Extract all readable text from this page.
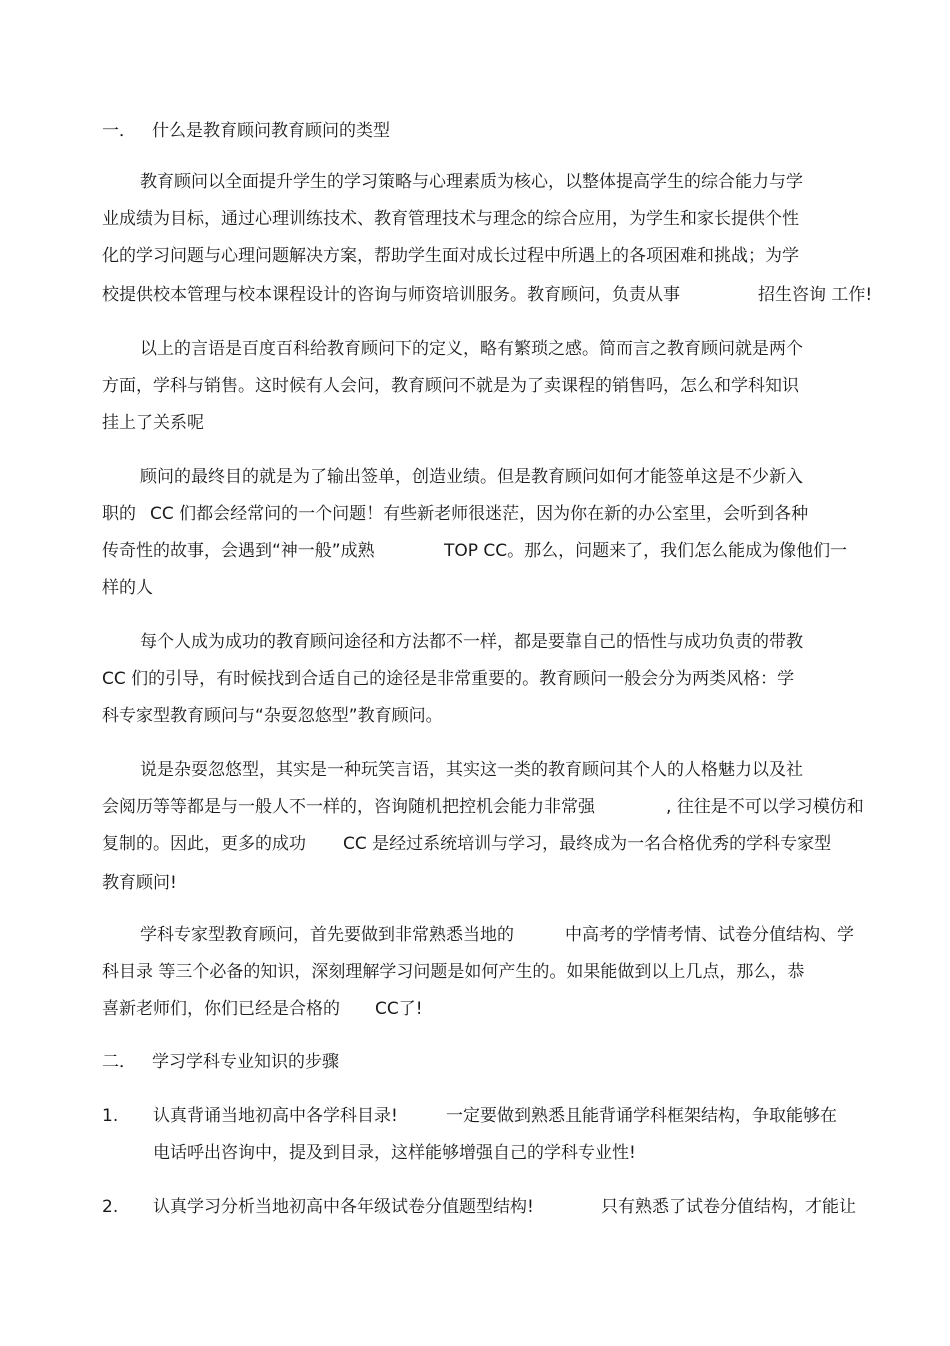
一． 什么是教育顾问教育顾问的类型
教育顾问以全面提升学生的学习策略与心理素质为核心，以整体提高学生的综合能力与学
业成绩为目标，通过心理训练技术、教育管理技术与理念的综合应用，为学生和家长提供个性
化的学习问题与心理问题解决方案，帮助学生面对成长过程中所遇上的各项困难和挑战；为学
校提供校本管理与校本课程设计的咨询与师资培训服务。教育顾问，负责从事	招生咨询 工作!
以上的言语是百度百科给教育顾问下的定义，略有繁琐之感。简而言之教育顾问就是两个
方面，学科与销售。这时候有人会问，教育顾问不就是为了卖课程的销售吗，怎么和学科知识
挂上了关系呢
顾问的最终目的就是为了输出签单，创造业绩。但是教育顾问如何才能签单这是不少新入
职的 CC 们都会经常问的一个问题！有些新老师很迷茫，因为你在新的办公室里，会听到各种
传奇性的故事，会遇到“神一般”成熟	TOP CC。那么，问题来了，我们怎么能成为像他们一
样的人
每个人成为成功的教育顾问途径和方法都不一样，都是要靠自己的悟性与成功负责的带教
CC 们的引导，有时候找到合适自己的途径是非常重要的。教育顾问一般会分为两类风格：学
科专家型教育顾问与“杂耍忽悠型”教育顾问。
说是杂耍忽悠型，其实是一种玩笑言语，其实这一类的教育顾问其个人的人格魅力以及社
会阅历等等都是与一般人不一样的，咨询随机把控机会能力非常强	, 往往是不可以学习模仿和
复制的。因此，更多的成功 CC 是经过系统培训与学习，最终成为一名合格优秀的学科专家型
教育顾问!
学科专家型教育顾问，首先要做到非常熟悉当地的	中高考的学情考情、试卷分值结构、学
科目录 等三个必备的知识，深刻理解学习问题是如何产生的。如果能做到以上几点，那么，恭
喜新老师们，你们已经是合格的 CC了!
二． 学习学科专业知识的步骤
1. 认真背诵当地初高中各学科目录!	一定要做到熟悉且能背诵学科框架结构，争取能够在
电话呼出咨询中，提及到目录，这样能够增强自己的学科专业性!
2. 认真学习分析当地初高中各年级试卷分值题型结构!	只有熟悉了试卷分值结构，才能让
